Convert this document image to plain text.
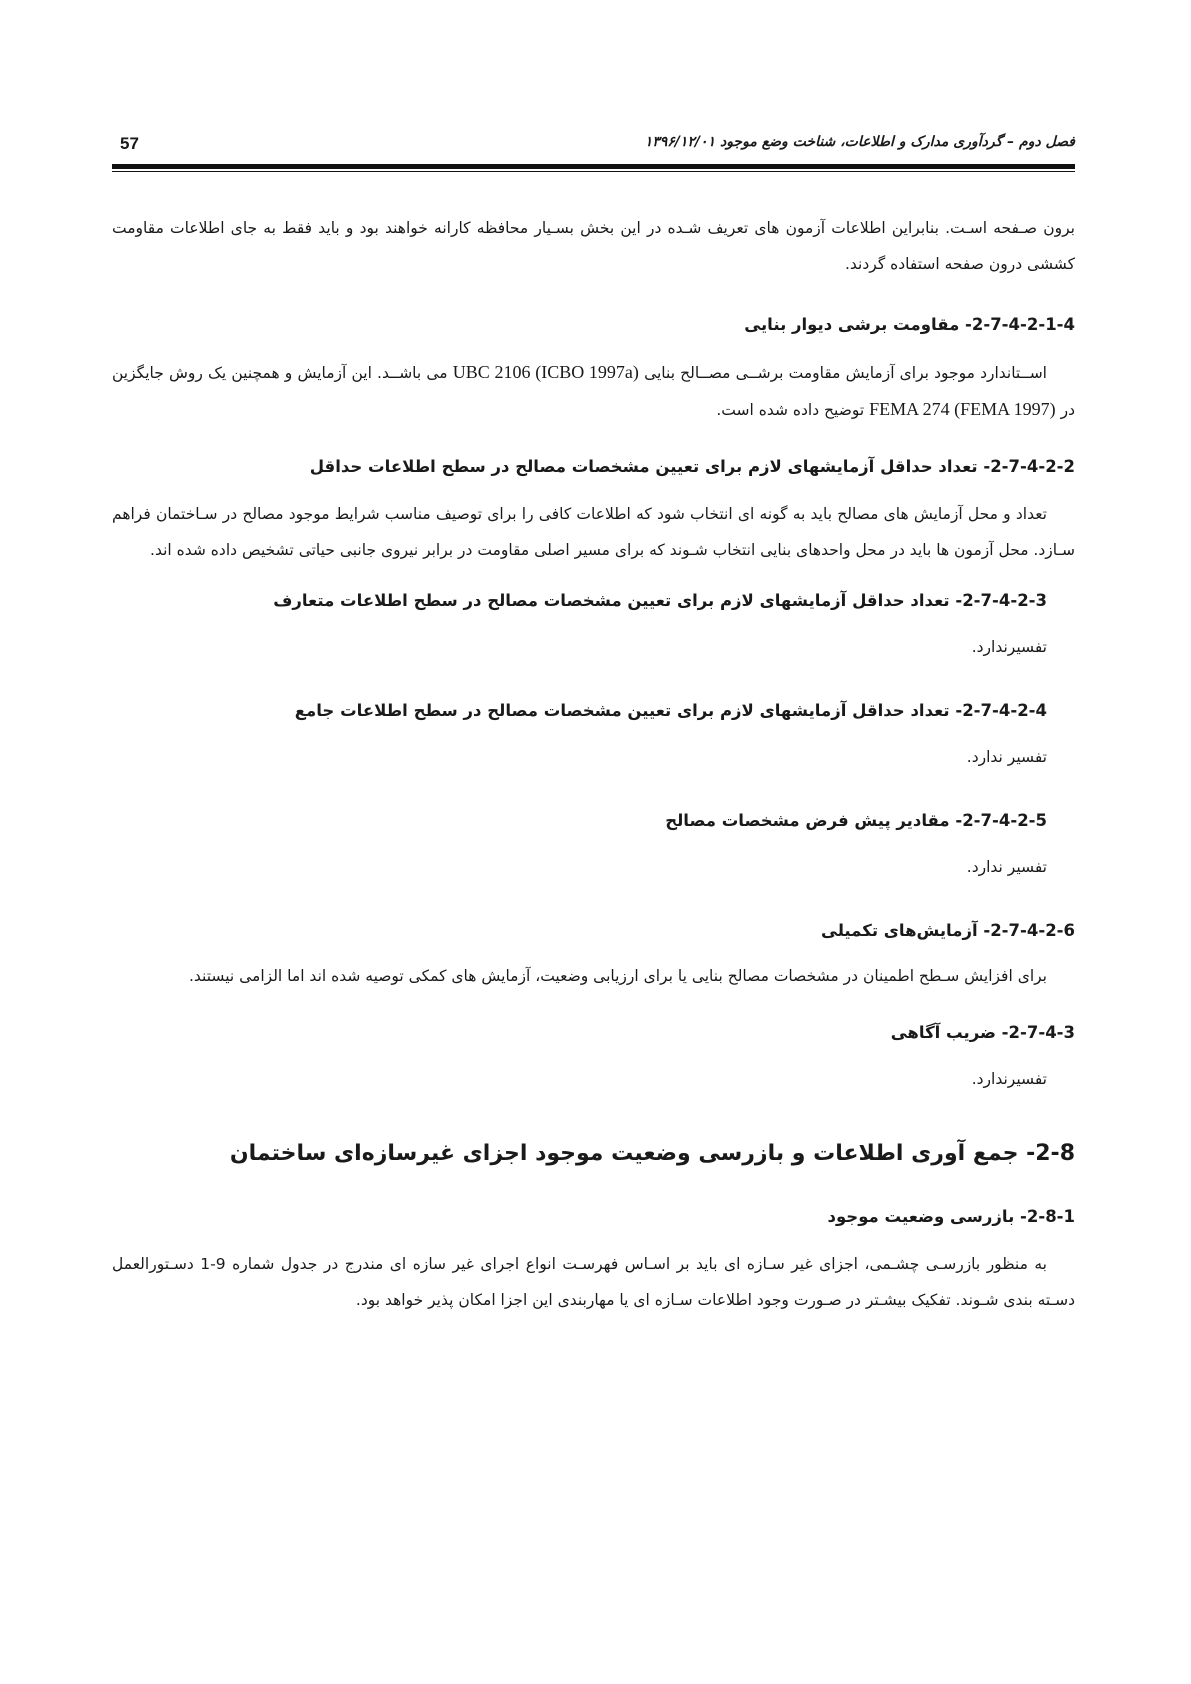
57	فصل دوم – گردآوری مدارک و اطلاعات، شناخت وضع موجود ۱۳۹۶/۱۲/۰۱

برون صـفحه اسـت. بنابراین اطلاعات آزمون های تعریف شـده در این بخش بسـیار محافظه کارانه خواهند بود و باید فقط به جای اطلاعات مقاومت کششی درون صفحه استفاده گردند.

2-7-4-2-1-4- مقاومت برشی دیوار بنایی

اســتاندارد موجود برای آزمایش مقاومت برشــی مصــالح بنایی UBC 2106 (ICBO 1997a) می باشــد. این آزمایش و همچنین یک روش جایگزین در FEMA 274 (FEMA 1997) توضیح داده شده است.

2-7-4-2-2- تعداد حداقل آزمایشهای لازم برای تعیین مشخصات مصالح در سطح اطلاعات حداقل

تعداد و محل آزمایش های مصالح باید به گونه ای انتخاب شود که اطلاعات کافی را برای توصیف مناسب شرایط موجود مصالح در سـاختمان فراهم سـازد. محل آزمون ها باید در محل واحدهای بنایی انتخاب شـوند که برای مسیر اصلی مقاومت در برابر نیروی جانبی حیاتی تشخیص داده شده اند.

2-7-4-2-3- تعداد حداقل آزمایشهای لازم برای تعیین مشخصات مصالح در سطح اطلاعات متعارف

تفسیرندارد.

2-7-4-2-4- تعداد حداقل آزمایشهای لازم برای تعیین مشخصات مصالح در سطح اطلاعات جامع

تفسیر ندارد.

2-7-4-2-5- مقادیر پیش فرض مشخصات مصالح

تفسیر ندارد.

2-7-4-2-6- آزمایش‌های تکمیلی

برای افزایش سـطح اطمینان در مشخصات مصالح بنایی یا برای ارزیابی وضعیت، آزمایش های کمکی توصیه شده اند اما الزامی نیستند.

2-7-4-3- ضریب آگاهی

تفسیرندارد.

2-8- جمع آوری اطلاعات و بازرسی وضعیت موجود اجزای غیرسازه‌ای ساختمان
2-8-1- بازرسی وضعیت موجود

به منظور بازرسـی چشـمی، اجزای غیر سـازه ای باید بر اسـاس فهرسـت انواع اجرای غیر سازه ای مندرج در جدول شماره 9-1 دسـتورالعمل دسـته بندی شـوند. تفکیک بیشـتر در صـورت وجود اطلاعات سـازه ای یا مهاربندی این اجزا امکان پذیر خواهد بود.
